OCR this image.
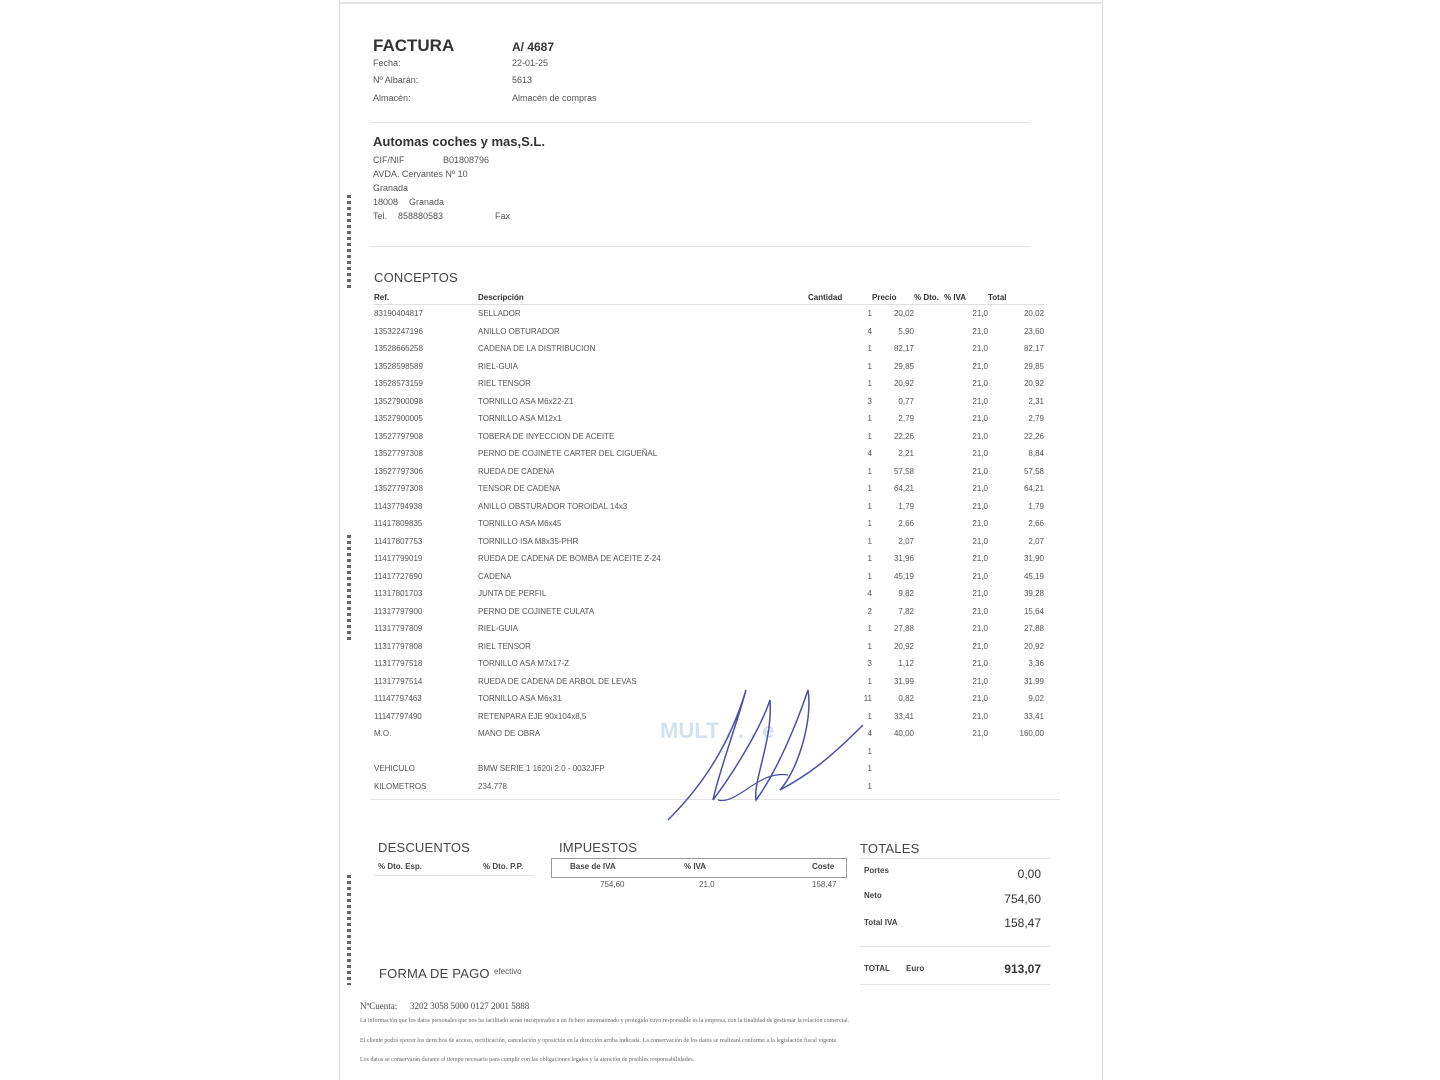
FACTURA	A/ 4687
Fecha:	22-01-25
Nº Albarán:	5613
Almacén:	Almacén de compras
Automas coches y mas,S.L.
CIF/NIF	B01808796
AVDA. Cervantes Nº 10
Granada
18008 Granada
Tel. 858880583	Fax
CONCEPTOS
Ref.	Descripción	Cantidad	Precio	% Dto.	% IVA	Total
83190404817	SELLADOR	1	20,02		21,0	20,02
13532247196	ANILLO OBTURADOR	4	5,90		21,0	23,60
13528666258	CADENA DE LA DISTRIBUCION	1	82,17		21,0	82,17
13528598589	RIEL-GUIA	1	29,85		21,0	29,85
13528573159	RIEL TENSOR	1	20,92		21,0	20,92
13527900098	TORNILLO ASA M6x22-Z1	3	0,77		21,0	2,31
13527900005	TORNILLO ASA M12x1	1	2,79		21,0	2,79
13527797908	TOBERA DE INYECCION DE ACEITE	1	22,26		21,0	22,26
13527797308	PERNO DE COJINETE CARTER DEL CIGUEÑAL	4	2,21		21,0	8,84
13527797306	RUEDA DE CADENA	1	57,58		21,0	57,58
13527797308	TENSOR DE CADENA	1	64,21		21,0	64,21
11437794938	ANILLO OBSTURADOR TOROIDAL 14x3	1	1,79		21,0	1,79
11417809835	TORNILLO ASA M6x45	1	2,66		21,0	2,66
11417807753	TORNILLO ISA M8x35-PHR	1	2,07		21,0	2,07
11417799019	RUEDA DE CADENA DE BOMBA DE ACEITE Z-24	1	31,96		21,0	31,90
11417727690	CADENA	1	45,19		21,0	45,19
11317801703	JUNTA DE PERFIL	4	9,82		21,0	39,28
11317797900	PERNO DE COJINETE CULATA	2	7,82		21,0	15,64
11317797809	RIEL-GUIA	1	27,88		21,0	27,88
11317797808	RIEL TENSOR	1	20,92		21,0	20,92
11317797518	TORNILLO ASA M7x17-Z	3	1,12		21,0	3,36
11317797514	RUEDA DE CADENA DE ARBOL DE LEVAS	1	31,99		21,0	31,99
11147797463	TORNILLO ASA M6x31	11	0,82		21,0	9,02
11147797490	RETENPARA EJE 90x104x8,5	1	33,41		21,0	33,41
M.O.	MANO DE OBRA	4	40,00		21,0	160,00
		1				
VEHICULO	BMW SERIE 1 1620i 2.0 - 0032JFP	1				
KILOMETROS	234.778	1				
MULT . . . e
DESCUENTOS
% Dto. Esp.	% Dto. P.P.
IMPUESTOS
Base de IVA	% IVA	Coste
754,60	21,0	158,47
TOTALES
Portes	0,00
Neto	754,60
Total IVA	158,47
TOTAL Euro	913,07
FORMA DE PAGO efectivo
NºCuenta: 3202 3058 5000 0127 2001 5888
La información que los datos personales que nos ha facilitado serán incorporados a un fichero automatizado y protegido cuyo responsable es la empresa, con la finalidad de gestionar la relación comercial.
El cliente podrá ejercer los derechos de acceso, rectificación, cancelación y oposición en la dirección arriba indicada. La conservación de los datos se realizará conforme a la legislación fiscal vigente.
Los datos se conservarán durante el tiempo necesario para cumplir con las obligaciones legales y la atención de posibles responsabilidades.
